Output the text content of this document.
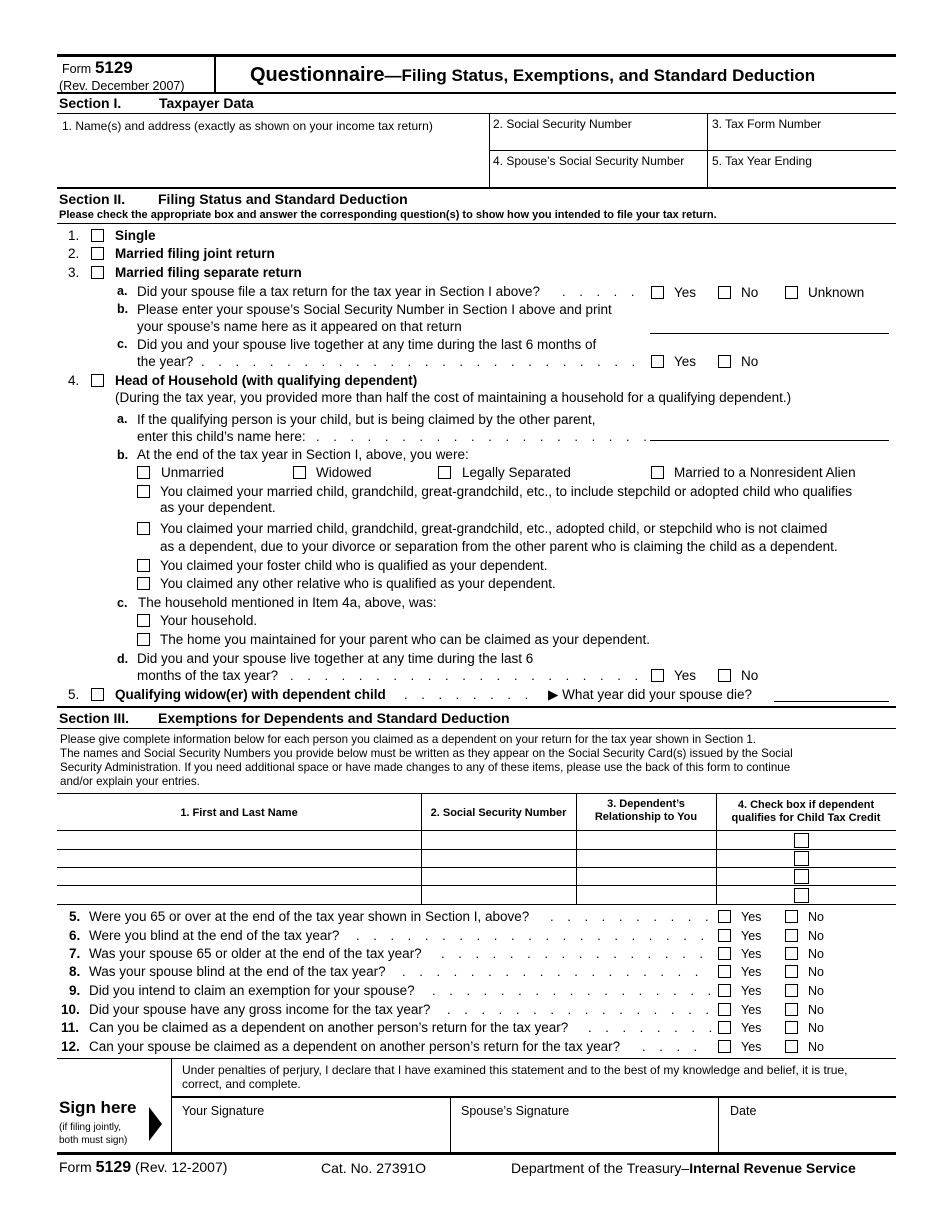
Form 5129
(Rev. December 2007)	Questionnaire—Filing Status, Exemptions, and Standard Deduction
Section I.	Taxpayer Data
1. Name(s) and address (exactly as shown on your income tax return)	2. Social Security Number	3. Tax Form Number
4. Spouse’s Social Security Number 5. Tax Year Ending
Section II. Filing Status and Standard Deduction
Please check the appropriate box and answer the corresponding question(s) to show how you intended to file your tax return.
1.	Single
2.	Married filing joint return
3.	Married filing separate return
a. Did your spouse file a tax return for the tax year in Section I above? . . .	Yes	No	Unknown
b. Please enter your spouse’s Social Security Number in Section I above and print
your spouse’s name here as it appeared on that return
c. Did you and your spouse live together at any time during the last 6 months of
the year? . . .	Yes	No
4.	Head of Household (with qualifying dependent)
(During the tax year, you provided more than half the cost of maintaining a household for a qualifying dependent.)
a. If the qualifying person is your child, but is being claimed by the other parent,
enter this child’s name here:
. . .
b. At the end of the tax year in Section I, above, you were:
Unmarried	Widowed	Legally Separated	Married to a Nonresident Alien
You claimed your married child, grandchild, great-grandchild, etc., to include stepchild or adopted child who qualifies
as your dependent.
You claimed your married child, grandchild, great-grandchild, etc., adopted child, or stepchild who is not claimed
as a dependent, due to your divorce or separation from the other parent who is claiming the child as a dependent.
You claimed your foster child who is qualified as your dependent.
You claimed any other relative who is qualified as your dependent.
c. The household mentioned in Item 4a, above, was:
Your household.
The home you maintained for your parent who can be claimed as your dependent.
d. Did you and your spouse live together at any time during the last 6
months of the tax year? . . .	Yes	No
5.	Qualifying widow(er) with dependent child . . .	▶ What year did your spouse die?
Section III. Exemptions for Dependents and Standard Deduction
Please give complete information below for each person you claimed as a dependent on your return for the tax year shown in Section 1.
The names and Social Security Numbers you provide below must be written as they appear on the Social Security Card(s) issued by the Social
Security Administration. If you need additional space or have made changes to any of these items, please use the back of this form to continue
and/or explain your entries.
1. First and Last Name	2. Social Security Number
3. Dependent’s
Relationship to You
4. Check box if dependent
qualifies for Child Tax Credit
5. Were you 65 or over at the end of the tax year shown in Section I, above? . . .	Yes	No
6. Were you blind at the end of the tax year? . . .	Yes	No
7. Was your spouse 65 or older at the end of the tax year? . . .	Yes	No
8. Was your spouse blind at the end of the tax year? . . .	Yes	No
9. Did you intend to claim an exemption for your spouse? . . .	Yes	No
10. Did your spouse have any gross income for the tax year? . . .	Yes	No
11. Can you be claimed as a dependent on another person’s return for the tax year? . . .	Yes	No
12. Can your spouse be claimed as a dependent on another person’s return for the tax year? . . .	Yes	No
Under penalties of perjury, I declare that I have examined this statement and to the best of my knowledge and belief, it is true,
correct, and complete.
Sign here
(if filing jointly,
both must sign)
Your Signature	Spouse’s Signature	Date
Form 5129 (Rev. 12-2007)	Cat. No. 27391O	Department of the Treasury–Internal Revenue Service
